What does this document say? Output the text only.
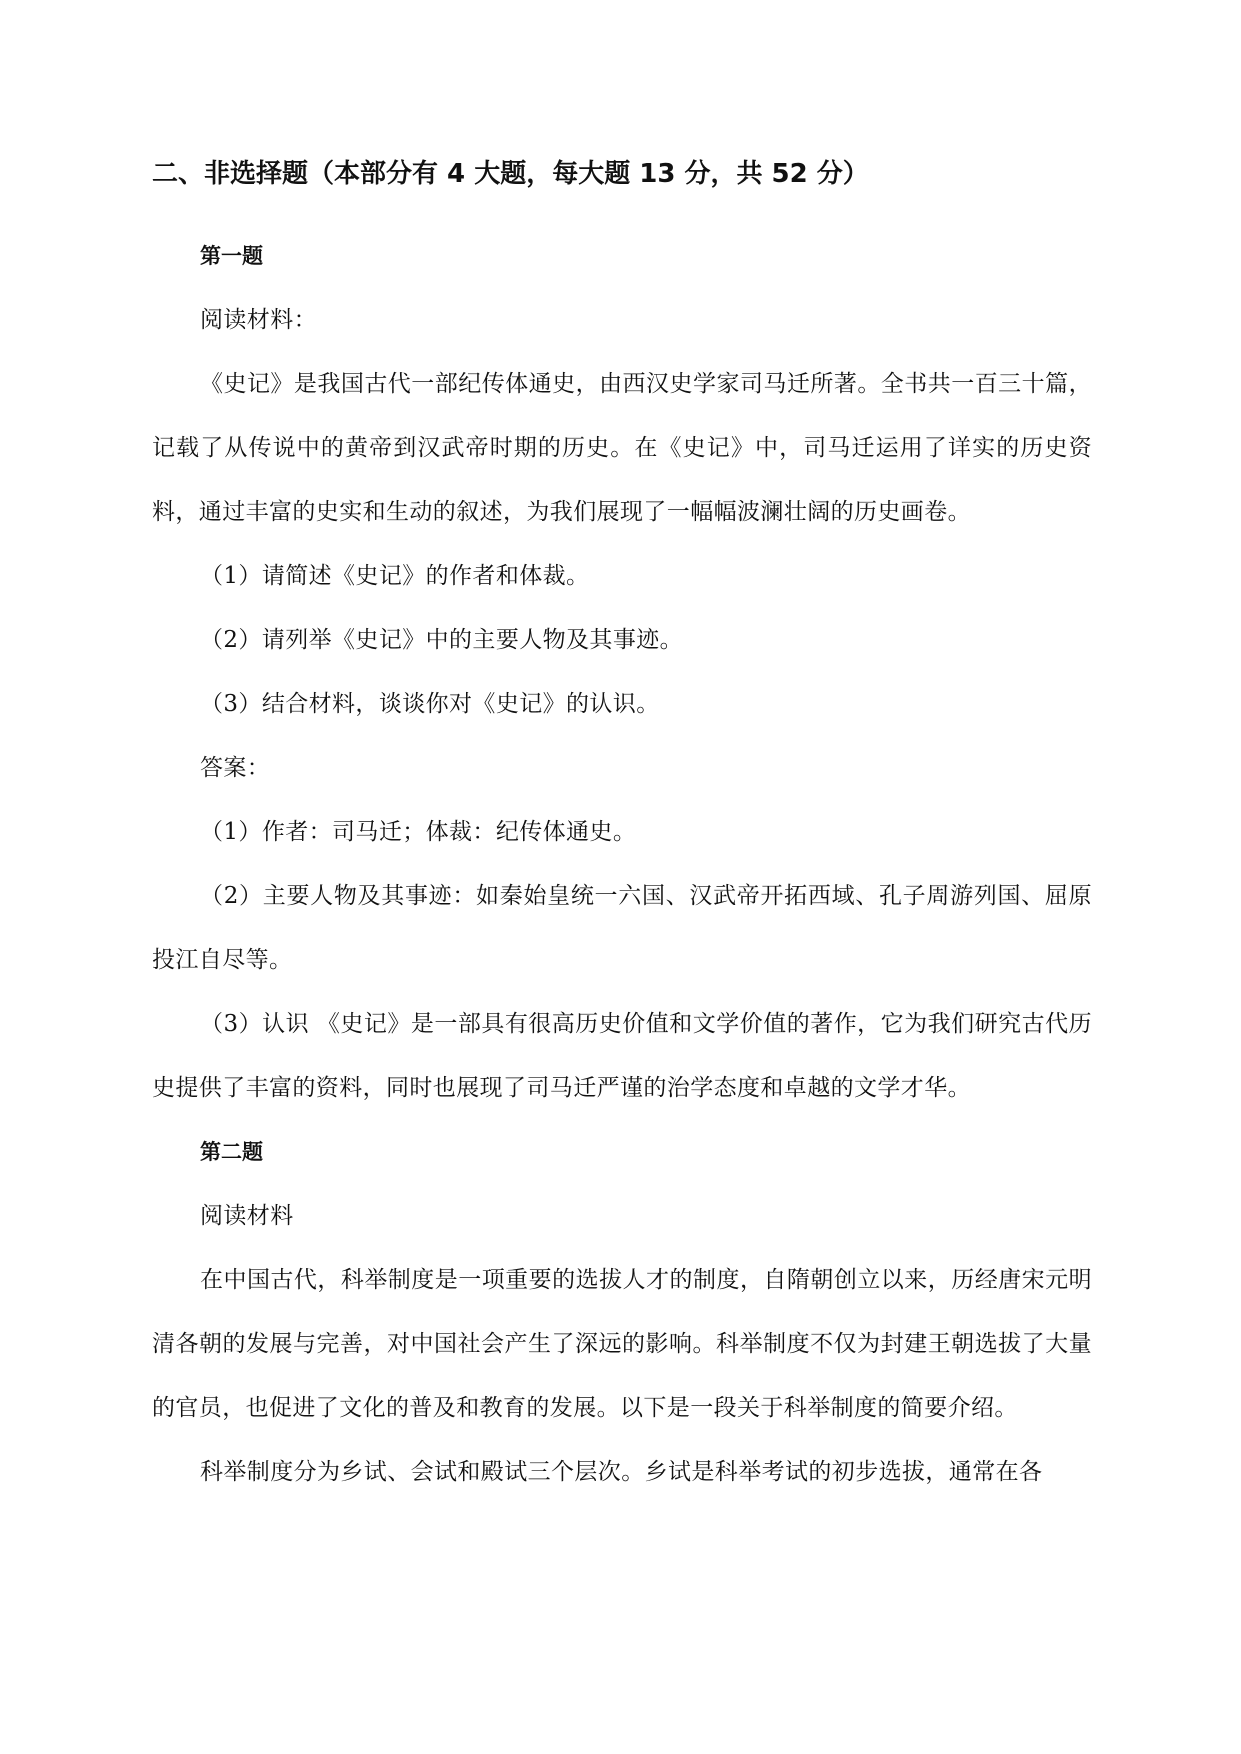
二、非选择题（本部分有 4 大题，每大题 13 分，共 52 分）
第一题
阅读材料：

《史记》是我国古代一部纪传体通史，由西汉史学家司马迁所著。全书共一百三十篇，记载了从传说中的黄帝到汉武帝时期的历史。在《史记》中，司马迁运用了详实的历史资料，通过丰富的史实和生动的叙述，为我们展现了一幅幅波澜壮阔的历史画卷。

（1）请简述《史记》的作者和体裁。
（2）请列举《史记》中的主要人物及其事迹。
（3）结合材料，谈谈你对《史记》的认识。
答案：
（1）作者：司马迁；体裁：纪传体通史。

（2）主要人物及其事迹：如秦始皇统一六国、汉武帝开拓西域、孔子周游列国、屈原投江自尽等。

（3）认识 《史记》是一部具有很高历史价值和文学价值的著作，它为我们研究古代历史提供了丰富的资料，同时也展现了司马迁严谨的治学态度和卓越的文学才华。

第二题
阅读材料

在中国古代，科举制度是一项重要的选拔人才的制度，自隋朝创立以来，历经唐宋元明清各朝的发展与完善，对中国社会产生了深远的影响。科举制度不仅为封建王朝选拔了大量的官员，也促进了文化的普及和教育的发展。以下是一段关于科举制度的简要介绍。

科举制度分为乡试、会试和殿试三个层次。乡试是科举考试的初步选拔，通常在各
